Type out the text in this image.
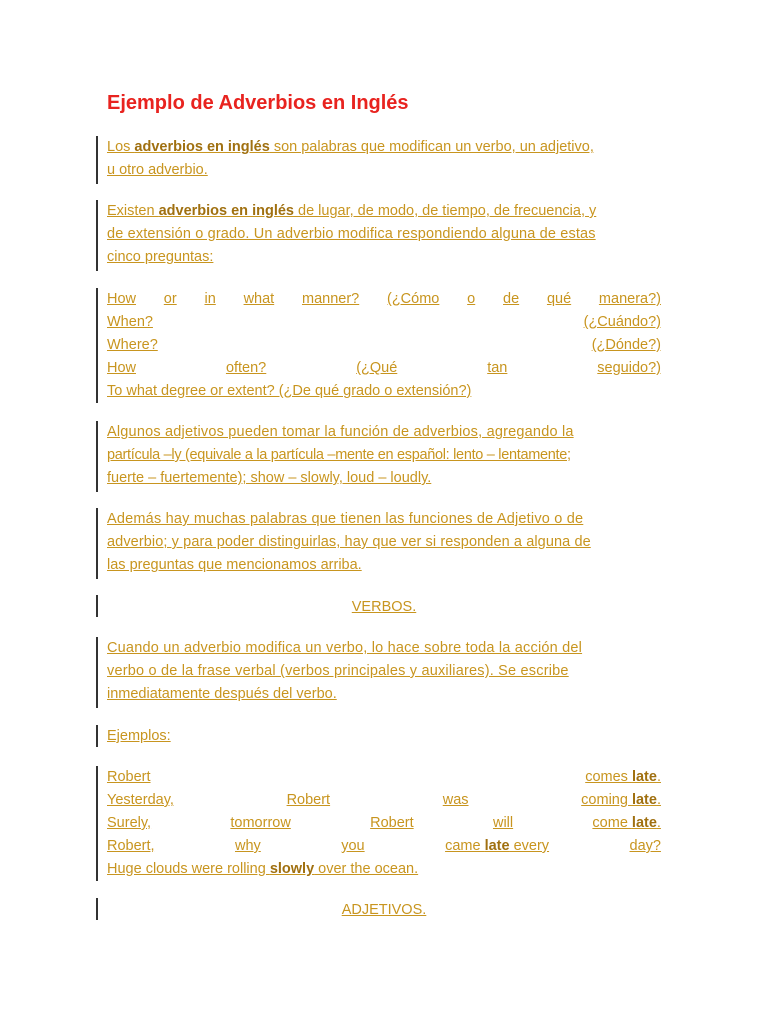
Ejemplo de Adverbios en Inglés
Los adverbios en inglés son palabras que modifican un verbo, un adjetivo,
u otro adverbio.
Existen adverbios en inglés de lugar, de modo, de tiempo, de frecuencia, y
de extensión o grado. Un adverbio modifica respondiendo alguna de estas
cinco preguntas:
How or in what manner? (¿Cómo o de qué manera?)
When?	(¿Cuándo?)
Where?	(¿Dónde?)
How	often?	(¿Qué	tan	seguido?)
To what degree or extent? (¿De qué grado o extensión?)
Algunos adjetivos pueden tomar la función de adverbios, agregando la
partícula –ly (equivale a la partícula –mente en español: lento – lentamente;
fuerte – fuertemente); show – slowly, loud – loudly.
Además hay muchas palabras que tienen las funciones de Adjetivo o de
adverbio; y para poder distinguirlas, hay que ver si responden a alguna de
las preguntas que mencionamos arriba.
VERBOS.
Cuando un adverbio modifica un verbo, lo hace sobre toda la acción del
verbo o de la frase verbal (verbos principales y auxiliares). Se escribe
inmediatamente después del verbo.
Ejemplos:
Robert	comes late.
Yesterday,	Robert	was	coming late.
Surely,	tomorrow	Robert	will	come late.
Robert,	why	you	came late every	day?
Huge clouds were rolling slowly over the ocean.
ADJETIVOS.
